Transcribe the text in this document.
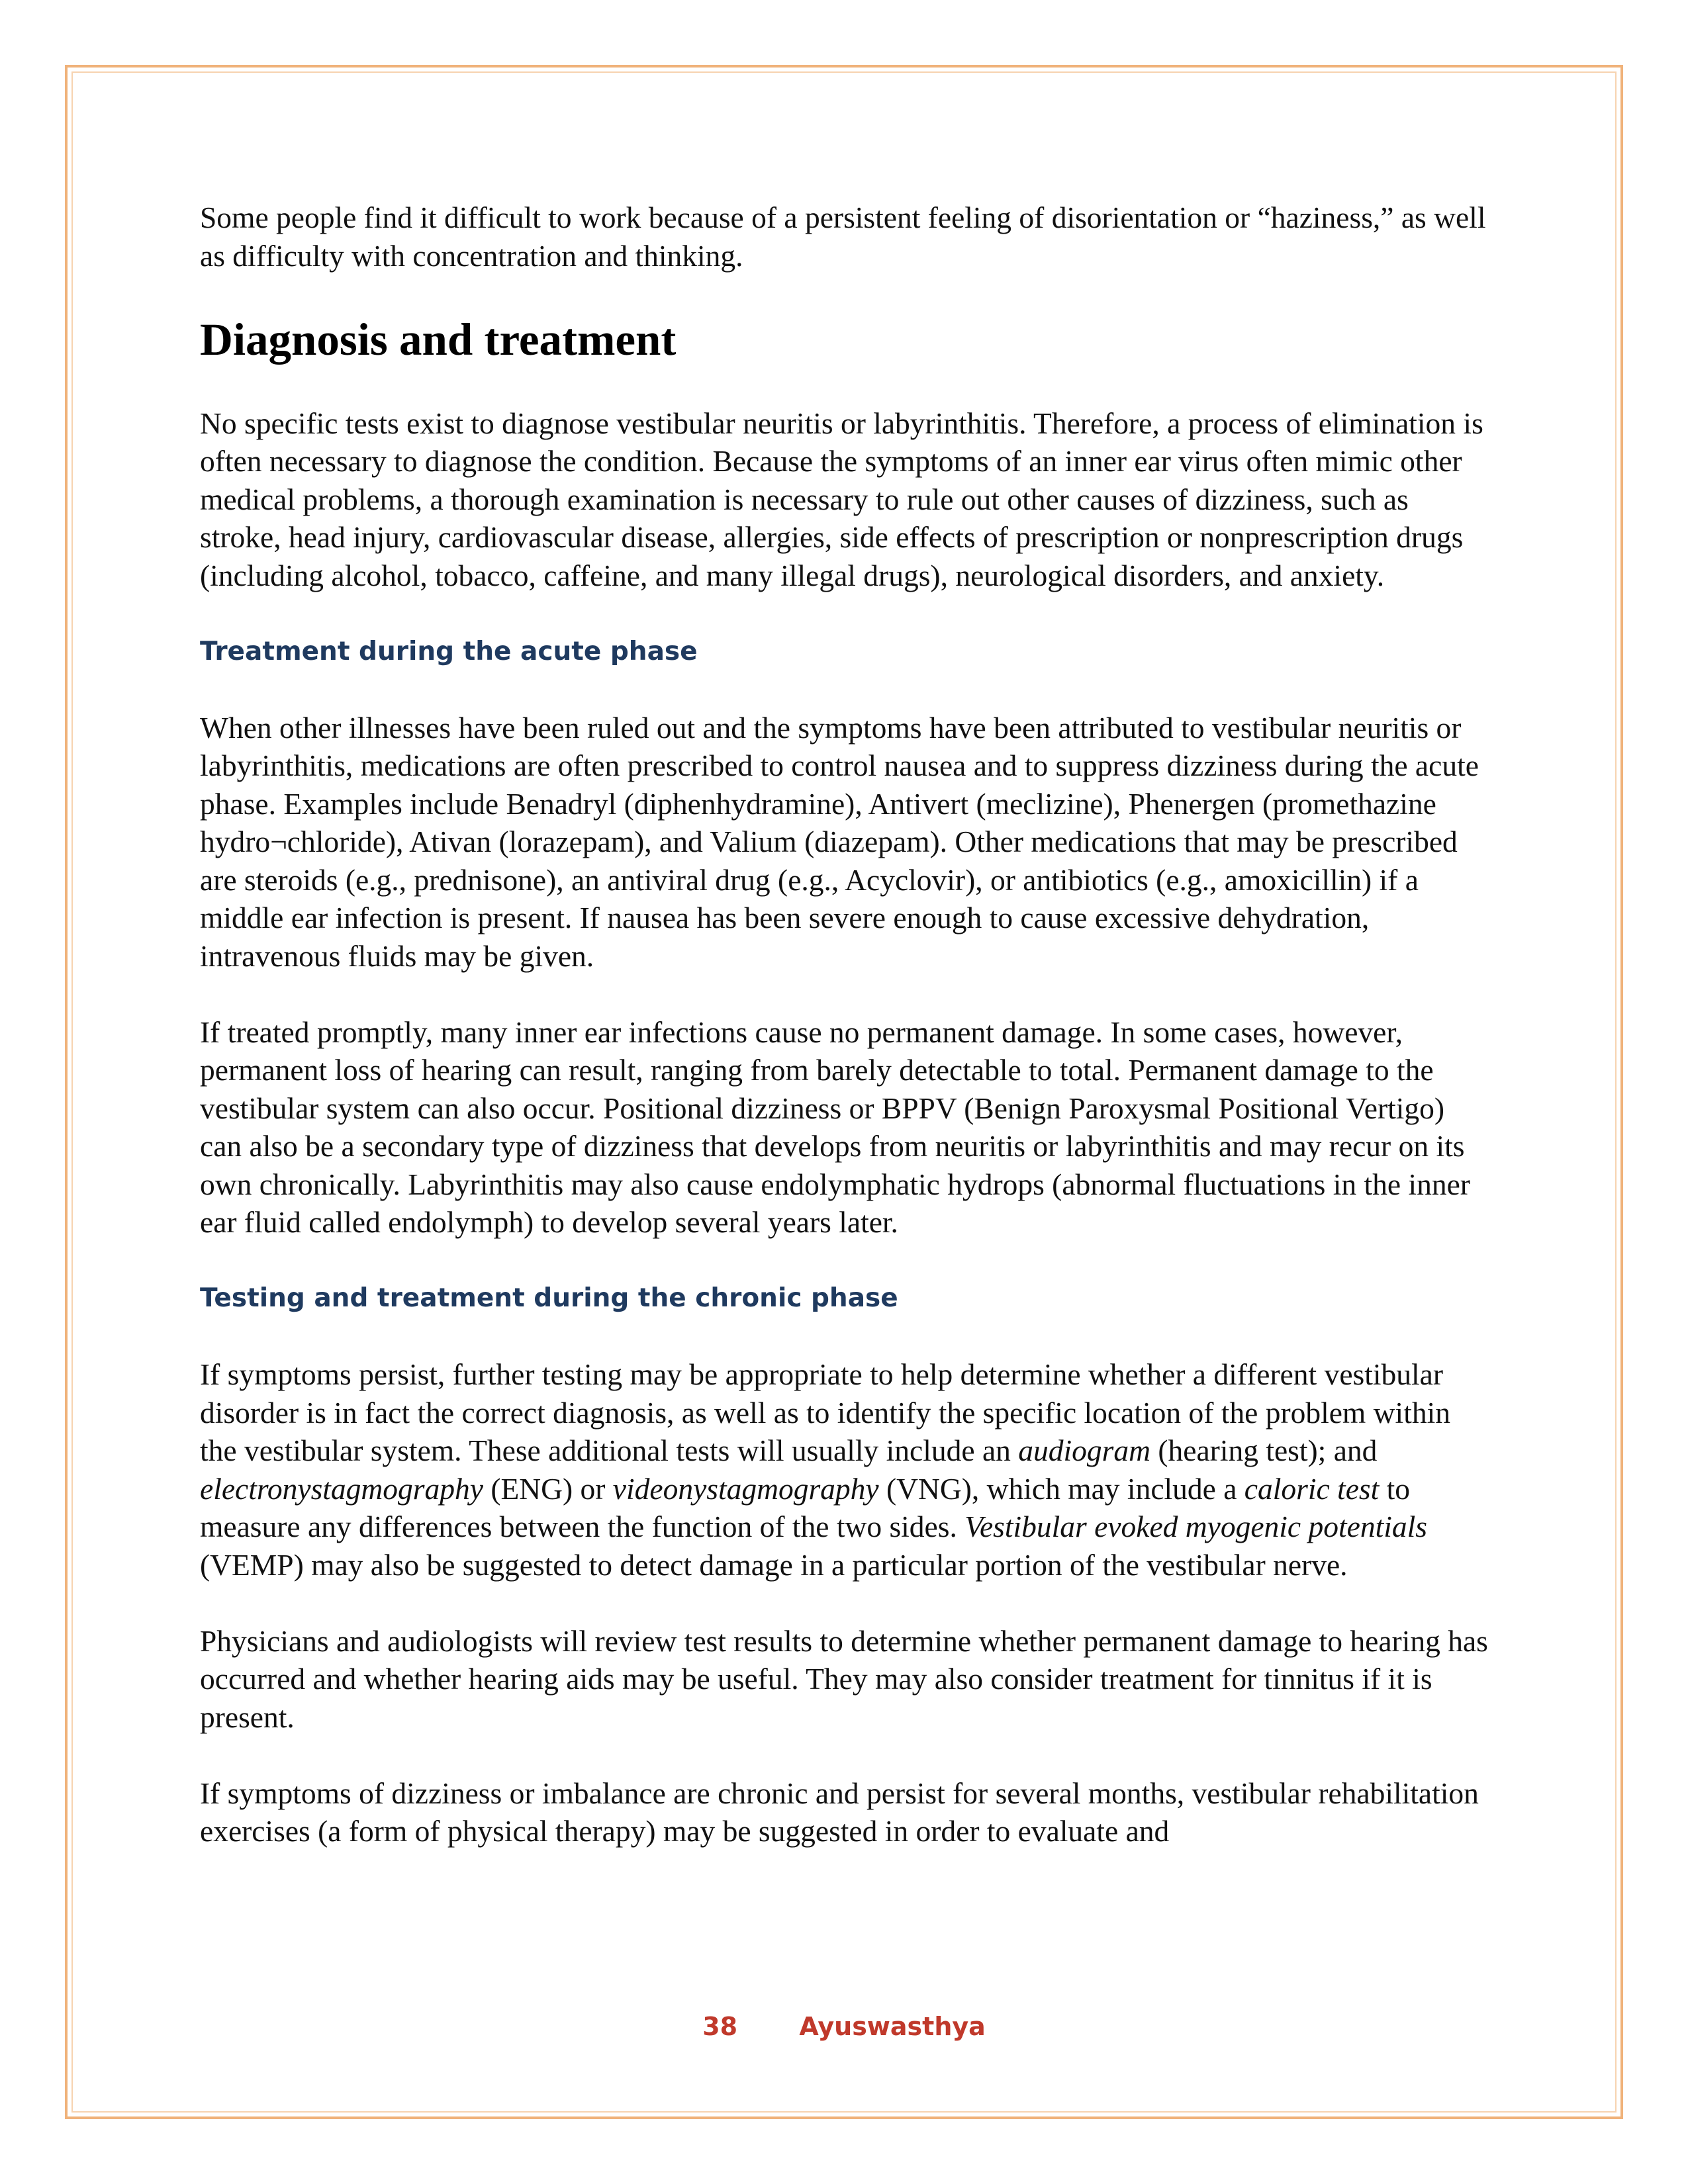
Some people find it difficult to work because of a persistent feeling of disorientation or “haziness,” as well as difficulty with concentration and thinking.

Diagnosis and treatment

No specific tests exist to diagnose vestibular neuritis or labyrinthitis. Therefore, a process of elimination is often necessary to diagnose the condition. Because the symptoms of an inner ear virus often mimic other medical problems, a thorough examination is necessary to rule out other causes of dizziness, such as stroke, head injury, cardiovascular disease, allergies, side effects of prescription or nonprescription drugs (including alcohol, tobacco, caffeine, and many illegal drugs), neurological disorders, and anxiety.

Treatment during the acute phase

When other illnesses have been ruled out and the symptoms have been attributed to vestibular neuritis or labyrinthitis, medications are often prescribed to control nausea and to suppress dizziness during the acute phase. Examples include Benadryl (diphenhydramine), Antivert (meclizine), Phenergen (promethazine hydro¬chloride), Ativan (lorazepam), and Valium (diazepam). Other medications that may be prescribed are steroids (e.g., prednisone), an antiviral drug (e.g., Acyclovir), or antibiotics (e.g., amoxicillin) if a middle ear infection is present. If nausea has been severe enough to cause excessive dehydration, intravenous fluids may be given.

If treated promptly, many inner ear infections cause no permanent damage. In some cases, however, permanent loss of hearing can result, ranging from barely detectable to total. Permanent damage to the vestibular system can also occur. Positional dizziness or BPPV (Benign Paroxysmal Positional Vertigo) can also be a secondary type of dizziness that develops from neuritis or labyrinthitis and may recur on its own chronically. Labyrinthitis may also cause endolymphatic hydrops (abnormal fluctuations in the inner ear fluid called endolymph) to develop several years later.

Testing and treatment during the chronic phase

If symptoms persist, further testing may be appropriate to help determine whether a different vestibular disorder is in fact the correct diagnosis, as well as to identify the specific location of the problem within the vestibular system. These additional tests will usually include an audiogram (hearing test); and electronystagmography (ENG) or videonystagmography (VNG), which may include a caloric test to measure any differences between the function of the two sides. Vestibular evoked myogenic potentials (VEMP) may also be suggested to detect damage in a particular portion of the vestibular nerve.

Physicians and audiologists will review test results to determine whether permanent damage to hearing has occurred and whether hearing aids may be useful. They may also consider treatment for tinnitus if it is present.

If symptoms of dizziness or imbalance are chronic and persist for several months, vestibular rehabilitation exercises (a form of physical therapy) may be suggested in order to evaluate and

38 Ayuswasthya
